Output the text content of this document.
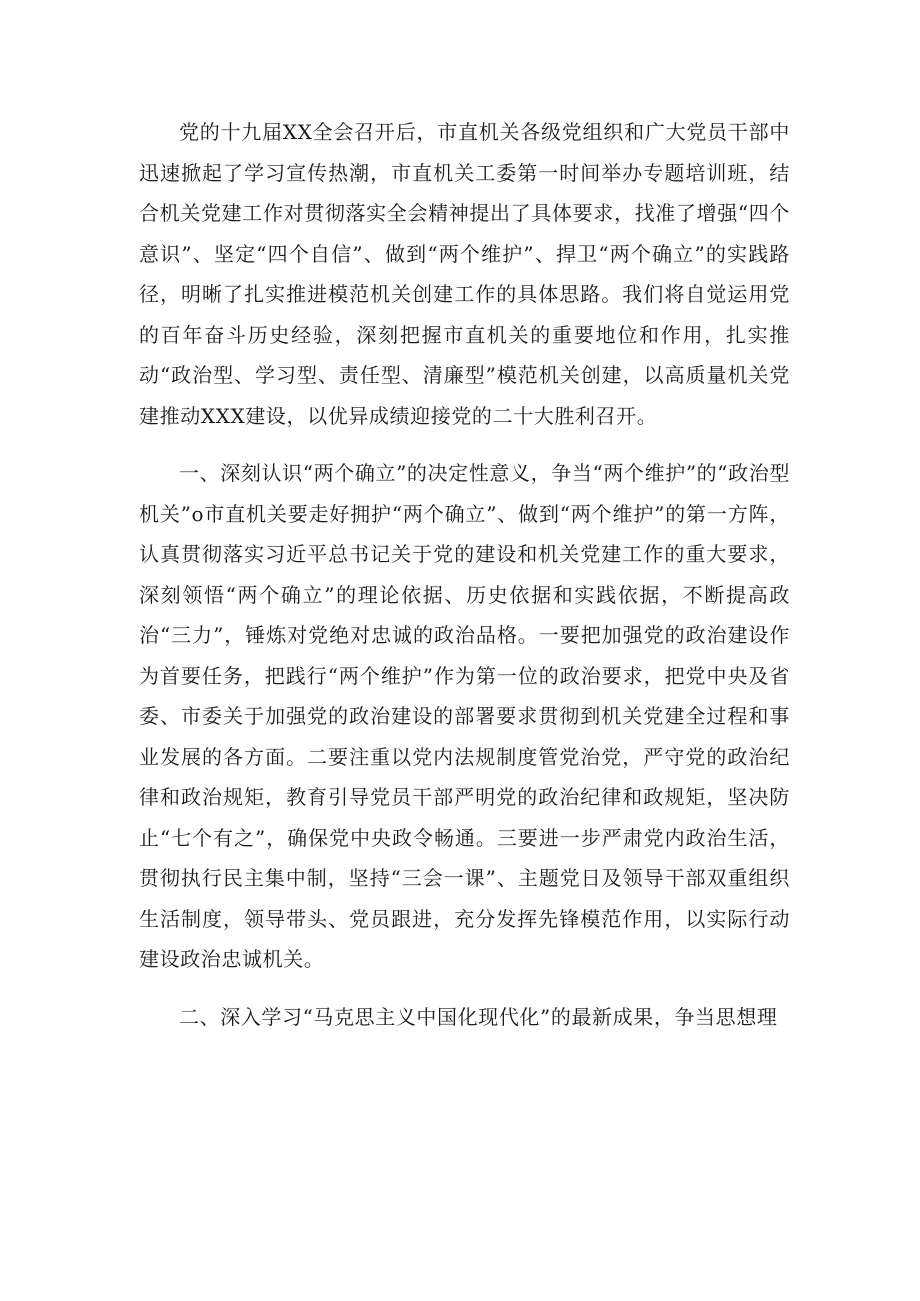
党的十九届XX全会召开后，市直机关各级党组织和广大党员干部中迅速掀起了学习宣传热潮，市直机关工委第一时间举办专题培训班，结合机关党建工作对贯彻落实全会精神提出了具体要求，找准了增强“四个意识”、坚定“四个自信”、做到“两个维护”、捍卫“两个确立”的实践路径，明晰了扎实推进模范机关创建工作的具体思路。我们将自觉运用党的百年奋斗历史经验，深刻把握市直机关的重要地位和作用，扎实推动“政治型、学习型、责任型、清廉型”模范机关创建，以高质量机关党建推动XXX建设，以优异成绩迎接党的二十大胜利召开。

一、深刻认识“两个确立”的决定性意义，争当“两个维护”的“政治型机关”o市直机关要走好拥护“两个确立”、做到“两个维护”的第一方阵，认真贯彻落实习近平总书记关于党的建设和机关党建工作的重大要求，深刻领悟“两个确立”的理论依据、历史依据和实践依据，不断提高政治“三力”，锤炼对党绝对忠诚的政治品格。一要把加强党的政治建设作为首要任务，把践行“两个维护”作为第一位的政治要求，把党中央及省委、市委关于加强党的政治建设的部署要求贯彻到机关党建全过程和事业发展的各方面。二要注重以党内法规制度管党治党，严守党的政治纪律和政治规矩，教育引导党员干部严明党的政治纪律和政规矩，坚决防止“七个有之”，确保党中央政令畅通。三要进一步严肃党内政治生活，贯彻执行民主集中制，坚持“三会一课”、主题党日及领导干部双重组织生活制度，领导带头、党员跟进，充分发挥先锋模范作用，以实际行动建设政治忠诚机关。

二、深入学习“马克思主义中国化现代化”的最新成果，争当思想理
